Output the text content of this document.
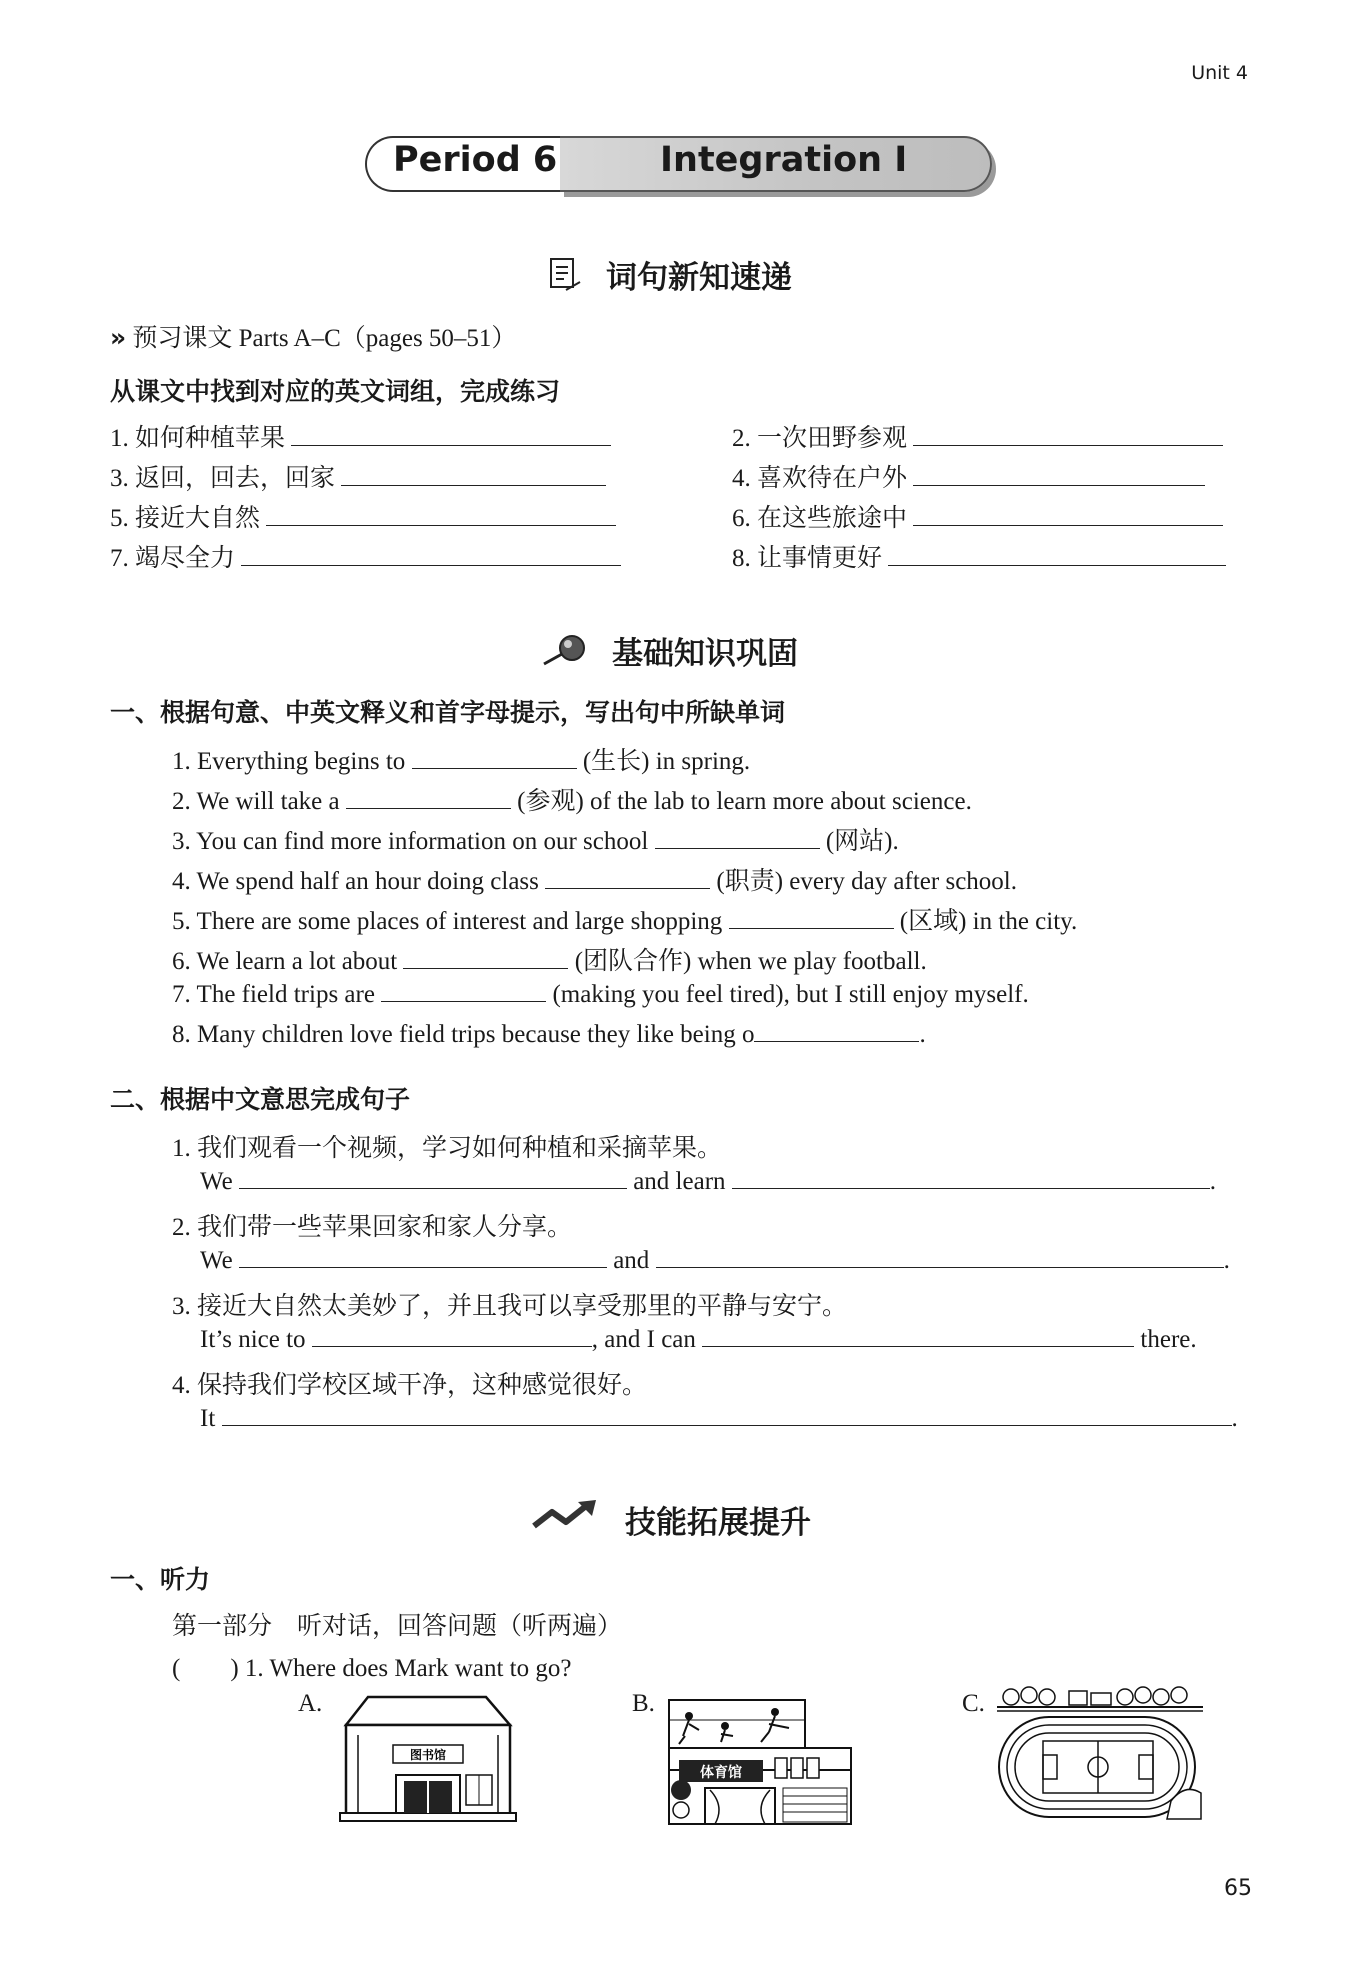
Unit 4
Period 6	Integration I
词句新知速递
» 预习课文 Parts A–C（pages 50–51）
从课文中找到对应的英文词组，完成练习
1. 如何种植苹果	2. 一次田野参观
3. 返回，回去，回家	4. 喜欢待在户外
5. 接近大自然	6. 在这些旅途中
7. 竭尽全力	8. 让事情更好
基础知识巩固
一、根据句意、中英文释义和首字母提示，写出句中所缺单词
1. Everything begins to	(生长) in spring.
2. We will take a	(参观) of the lab to learn more about science.
3. You can find more information on our school	(网站).
4. We spend half an hour doing class	(职责) every day after school.
5. There are some places of interest and large shopping	(区域) in the city.
6. We learn a lot about	(团队合作) when we play football.
7. The field trips are	(making you feel tired), but I still enjoy myself.
8. Many children love field trips because they like being o	.
二、根据中文意思完成句子
1. 我们观看一个视频，学习如何种植和采摘苹果。
We	and learn	.
2. 我们带一些苹果回家和家人分享。
We	and	.
3. 接近大自然太美妙了，并且我可以享受那里的平静与安宁。
It’s nice to	, and I can	there.
4. 保持我们学校区域干净，这种感觉很好。
It	.
技能拓展提升
一、听力
第一部分　听对话，回答问题（听两遍）
(　　) 1. Where does Mark want to go?
A.	B.	C.
图书馆
体育馆
65
